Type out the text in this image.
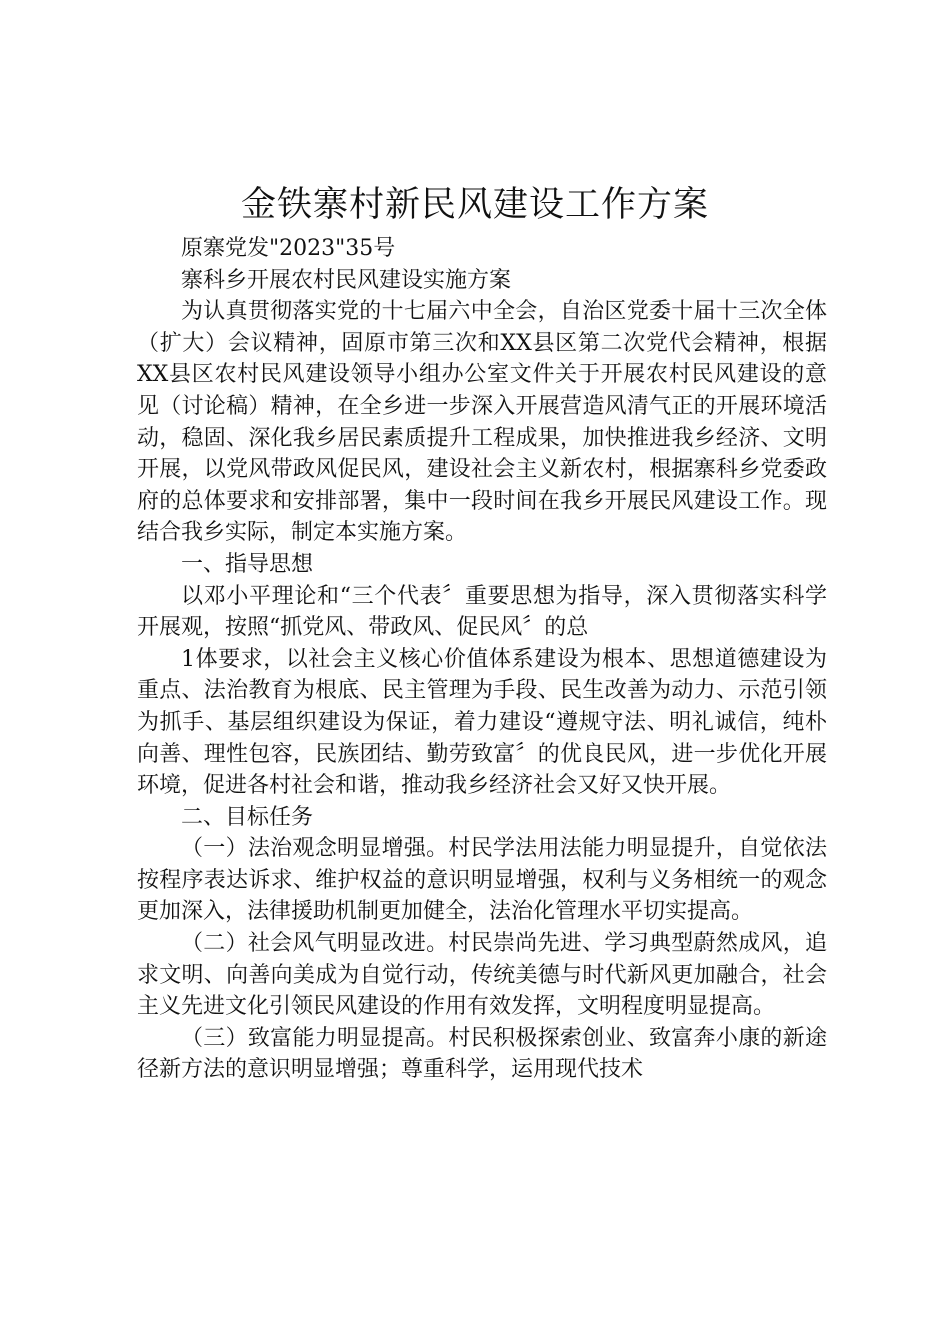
金铁寨村新民风建设工作方案

原寨党发"2023"35号

寨科乡开展农村民风建设实施方案

为认真贯彻落实党的十七届六中全会，自治区党委十届十三次全体（扩大）会议精神，固原市第三次和XX县区第二次党代会精神，根据XX县区农村民风建设领导小组办公室文件关于开展农村民风建设的意见（讨论稿）精神，在全乡进一步深入开展营造风清气正的开展环境活动，稳固、深化我乡居民素质提升工程成果，加快推进我乡经济、文明开展，以党风带政风促民风，建设社会主义新农村，根据寨科乡党委政府的总体要求和安排部署，集中一段时间在我乡开展民风建设工作。现结合我乡实际，制定本实施方案。

一、指导思想

以邓小平理论和“三个代表〞重要思想为指导，深入贯彻落实科学开展观，按照“抓党风、带政风、促民风〞的总

1体要求，以社会主义核心价值体系建设为根本、思想道德建设为重点、法治教育为根底、民主管理为手段、民生改善为动力、示范引领为抓手、基层组织建设为保证，着力建设“遵规守法、明礼诚信，纯朴向善、理性包容，民族团结、勤劳致富〞的优良民风，进一步优化开展环境，促进各村社会和谐，推动我乡经济社会又好又快开展。

二、目标任务

（一）法治观念明显增强。村民学法用法能力明显提升，自觉依法按程序表达诉求、维护权益的意识明显增强，权利与义务相统一的观念更加深入，法律援助机制更加健全，法治化管理水平切实提高。

（二）社会风气明显改进。村民崇尚先进、学习典型蔚然成风，追求文明、向善向美成为自觉行动，传统美德与时代新风更加融合，社会主义先进文化引领民风建设的作用有效发挥，文明程度明显提高。

（三）致富能力明显提高。村民积极探索创业、致富奔小康的新途径新方法的意识明显增强；尊重科学，运用现代技术
